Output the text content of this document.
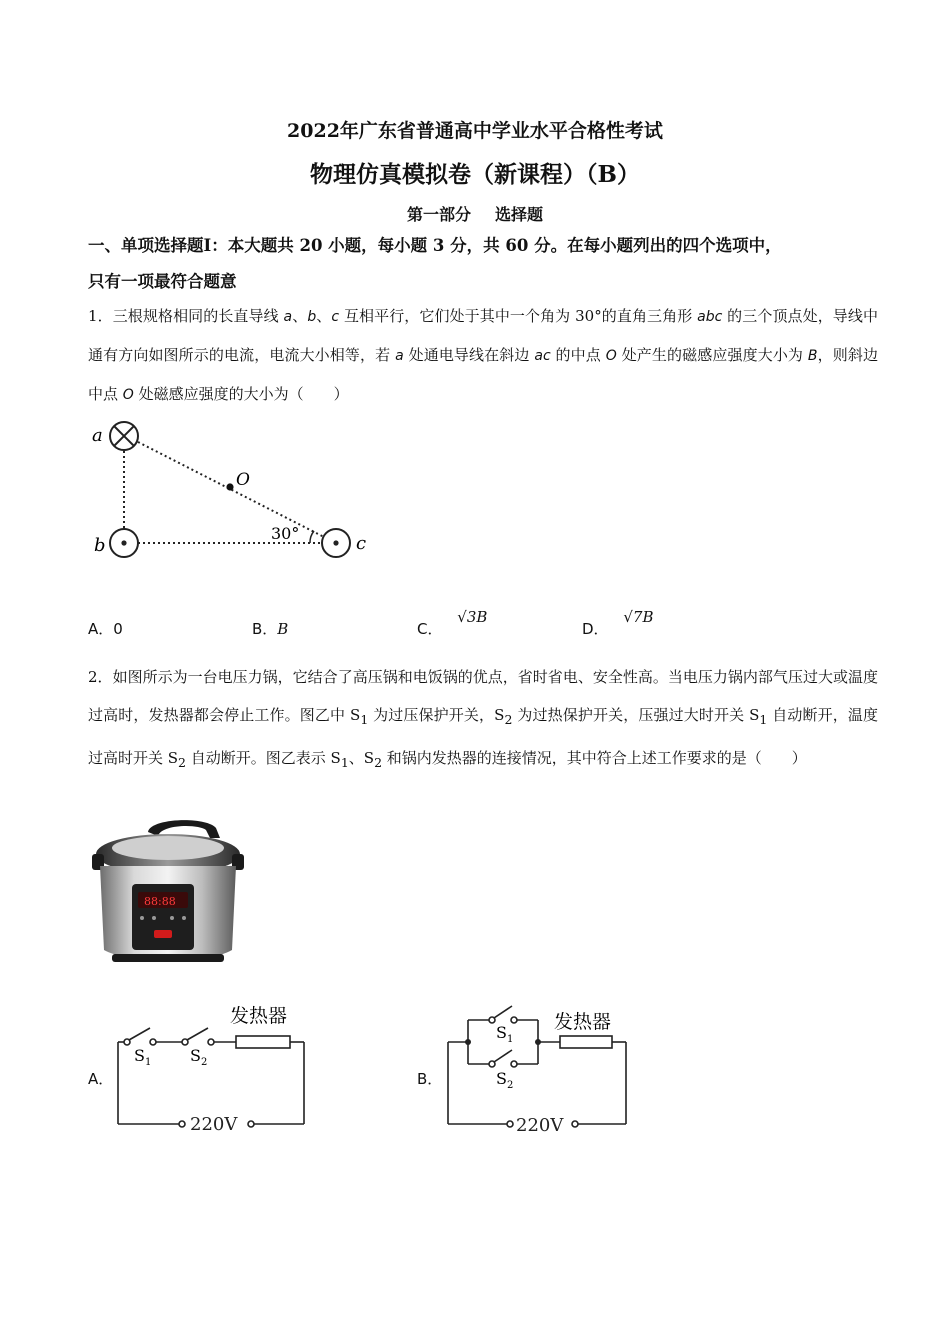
2022年广东省普通高中学业水平合格性考试
物理仿真模拟卷（新课程）（B）
第一部分 选择题
一、单项选择题Ⅰ：本大题共 20 小题，每小题 3 分，共 60 分。在每小题列出的四个选项中，
只有一项最符合题意
1．三根规格相同的长直导线 a、b、c 互相平行，它们处于其中一个角为 30°的直角三角形 abc 的三个顶点处，导线中通有方向如图所示的电流，电流大小相等，若 a 处通电导线在斜边 ac 的中点 O 处产生的磁感应强度大小为 B，则斜边中点 O 处磁感应强度的大小为（　　）
a
b	c
O
30°
A．0	B．B	C． √3B
D． √7B
2．如图所示为一台电压力锅，它结合了高压锅和电饭锅的优点，省时省电、安全性高。当电压力锅内部气压过大或温度过高时，发热器都会停止工作。图乙中 $S_1$ 为过压保护开关，$S_2$ 为过热保护开关，压强过大时开关 $S_1$ 自动断开，温度过高时开关 $S_2$ 自动断开。图乙表示 $S_1$、$S_2$ 和锅内发热器的连接情况，其中符合上述工作要求的是（　　）
88:88
A．
发热器
$S_1$ $S_2$
220V
B．
发热器
$S_1$
$S_2$
220V
